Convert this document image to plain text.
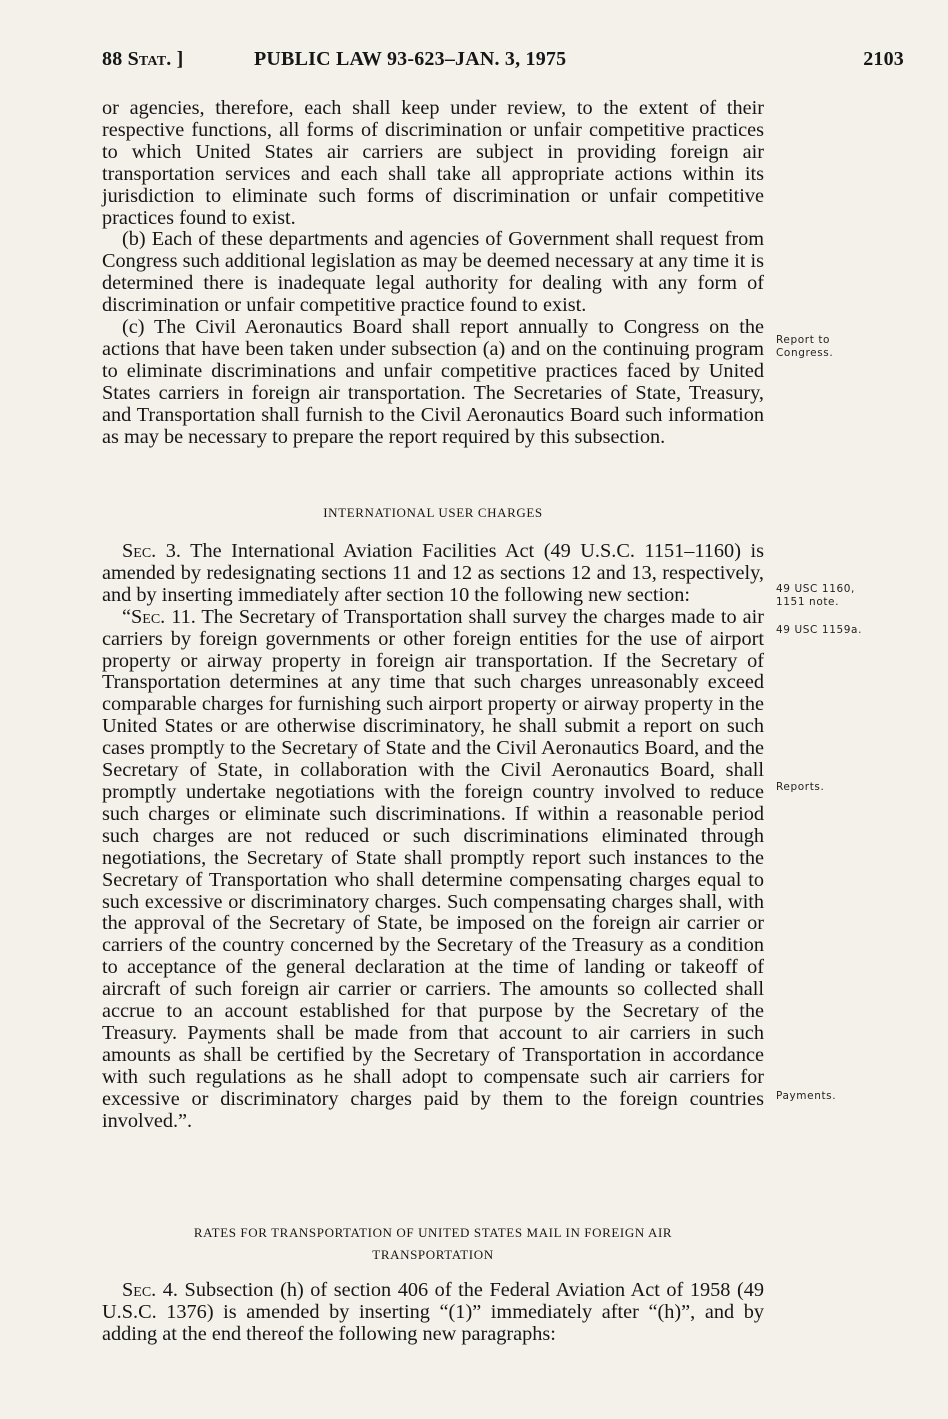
88 Stat. ]	PUBLIC LAW 93-623–JAN. 3, 1975	2103

or agencies, therefore, each shall keep under review, to the extent of their respective functions, all forms of discrimination or unfair competitive practices to which United States air carriers are subject in providing foreign air transportation services and each shall take all appropriate actions within its jurisdiction to eliminate such forms of discrimination or unfair competitive practices found to exist.

(b) Each of these departments and agencies of Government shall request from Congress such additional legislation as may be deemed necessary at any time it is determined there is inadequate legal authority for dealing with any form of discrimination or unfair competitive practice found to exist.

(c) The Civil Aeronautics Board shall report annually to Congress on the actions that have been taken under subsection (a) and on the continuing program to eliminate discriminations and unfair competitive practices faced by United States carriers in foreign air transportation. The Secretaries of State, Treasury, and Transportation shall furnish to the Civil Aeronautics Board such information as may be necessary to prepare the report required by this subsection.

INTERNATIONAL USER CHARGES

Sec. 3. The International Aviation Facilities Act (49 U.S.C. 1151–1160) is amended by redesignating sections 11 and 12 as sections 12 and 13, respectively, and by inserting immediately after section 10 the following new section:

“Sec. 11. The Secretary of Transportation shall survey the charges made to air carriers by foreign governments or other foreign entities for the use of airport property or airway property in foreign air transportation. If the Secretary of Transportation determines at any time that such charges unreasonably exceed comparable charges for furnishing such airport property or airway property in the United States or are otherwise discriminatory, he shall submit a report on such cases promptly to the Secretary of State and the Civil Aeronautics Board, and the Secretary of State, in collaboration with the Civil Aeronautics Board, shall promptly undertake negotiations with the foreign country involved to reduce such charges or eliminate such discriminations. If within a reasonable period such charges are not reduced or such discriminations eliminated through negotiations, the Secretary of State shall promptly report such instances to the Secretary of Transportation who shall determine compensating charges equal to such excessive or discriminatory charges. Such compensating charges shall, with the approval of the Secretary of State, be imposed on the foreign air carrier or carriers of the country concerned by the Secretary of the Treasury as a condition to acceptance of the general declaration at the time of landing or takeoff of aircraft of such foreign air carrier or carriers. The amounts so collected shall accrue to an account established for that purpose by the Secretary of the Treasury. Payments shall be made from that account to air carriers in such amounts as shall be certified by the Secretary of Transportation in accordance with such regulations as he shall adopt to compensate such air carriers for excessive or discriminatory charges paid by them to the foreign countries involved.”.

RATES FOR TRANSPORTATION OF UNITED STATES MAIL IN FOREIGN AIR
TRANSPORTATION

Sec. 4. Subsection (h) of section 406 of the Federal Aviation Act of 1958 (49 U.S.C. 1376) is amended by inserting “(1)” immediately after “(h)”, and by adding at the end thereof the following new paragraphs:

Report to Congress.
49 USC 1160,
1151 note.
49 USC 1159a.
Reports.
Payments.
